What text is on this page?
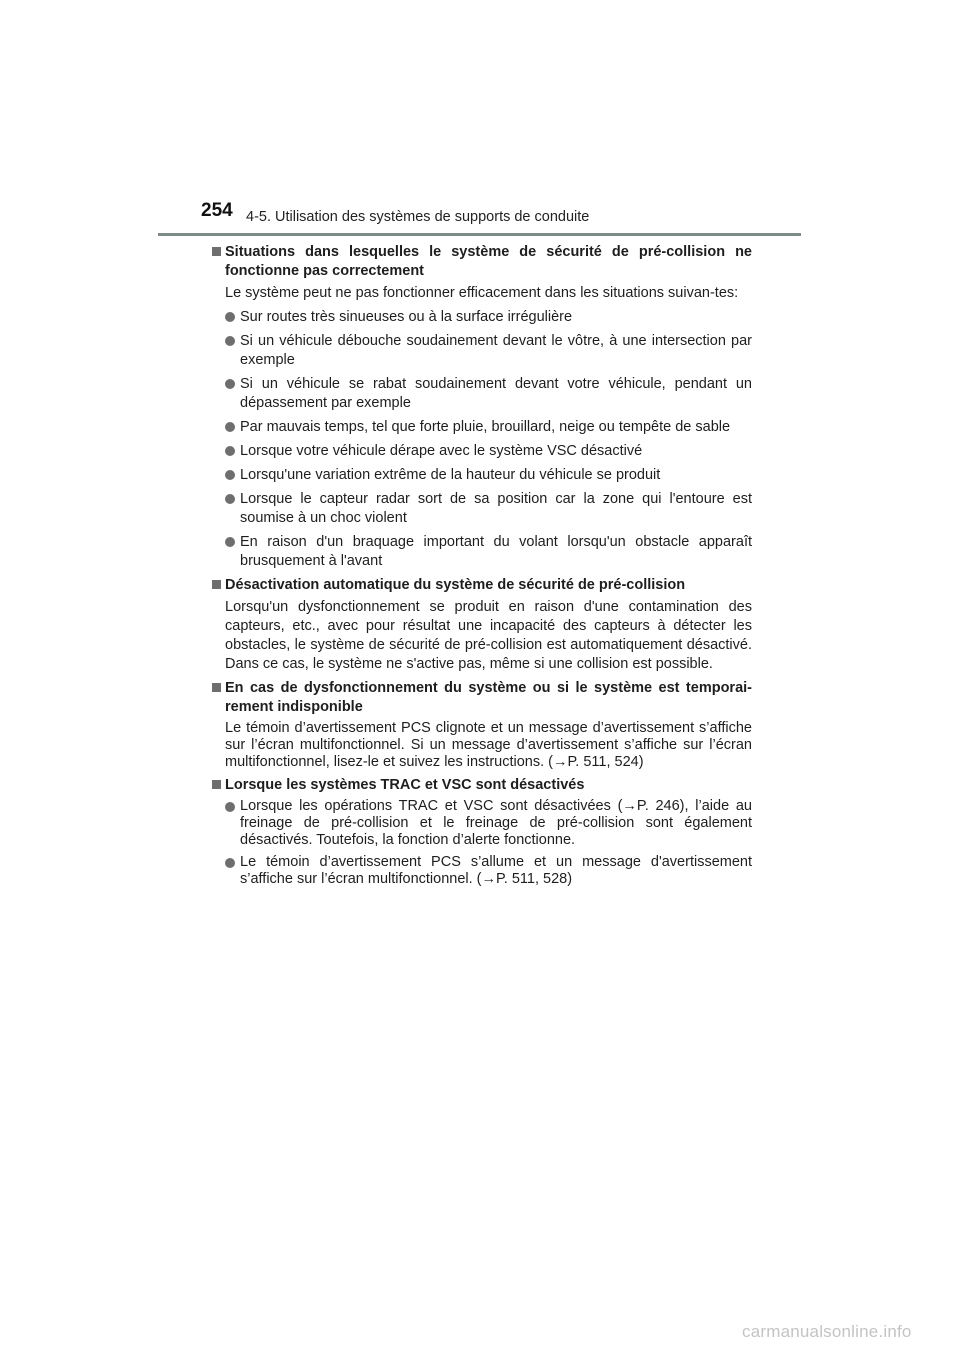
254 4-5. Utilisation des systèmes de supports de conduite
Situations dans lesquelles le système de sécurité de pré-collision ne fonctionne pas correctement
Le système peut ne pas fonctionner efficacement dans les situations suivan-tes:
Sur routes très sinueuses ou à la surface irrégulière
Si un véhicule débouche soudainement devant le vôtre, à une intersection par exemple
Si un véhicule se rabat soudainement devant votre véhicule, pendant un dépassement par exemple
Par mauvais temps, tel que forte pluie, brouillard, neige ou tempête de sable
Lorsque votre véhicule dérape avec le système VSC désactivé
Lorsqu'une variation extrême de la hauteur du véhicule se produit
Lorsque le capteur radar sort de sa position car la zone qui l'entoure est soumise à un choc violent
En raison d'un braquage important du volant lorsqu'un obstacle apparaît brusquement à l'avant
Désactivation automatique du système de sécurité de pré-collision
Lorsqu'un dysfonctionnement se produit en raison d'une contamination des capteurs, etc., avec pour résultat une incapacité des capteurs à détecter les obstacles, le système de sécurité de pré-collision est automatiquement désactivé. Dans ce cas, le système ne s'active pas, même si une collision est possible.
En cas de dysfonctionnement du système ou si le système est temporai-rement indisponible
Le témoin d’avertissement PCS clignote et un message d’avertissement s’affiche sur l’écran multifonctionnel. Si un message d’avertissement s’affiche sur l’écran multifonctionnel, lisez-le et suivez les instructions. (→P. 511, 524)
Lorsque les systèmes TRAC et VSC sont désactivés
Lorsque les opérations TRAC et VSC sont désactivées (→P. 246), l’aide au freinage de pré-collision et le freinage de pré-collision sont également désactivés. Toutefois, la fonction d’alerte fonctionne.
Le témoin d’avertissement PCS s’allume et un message d'avertissement s’affiche sur l’écran multifonctionnel. (→P. 511, 528)
carmanualsonline.info
